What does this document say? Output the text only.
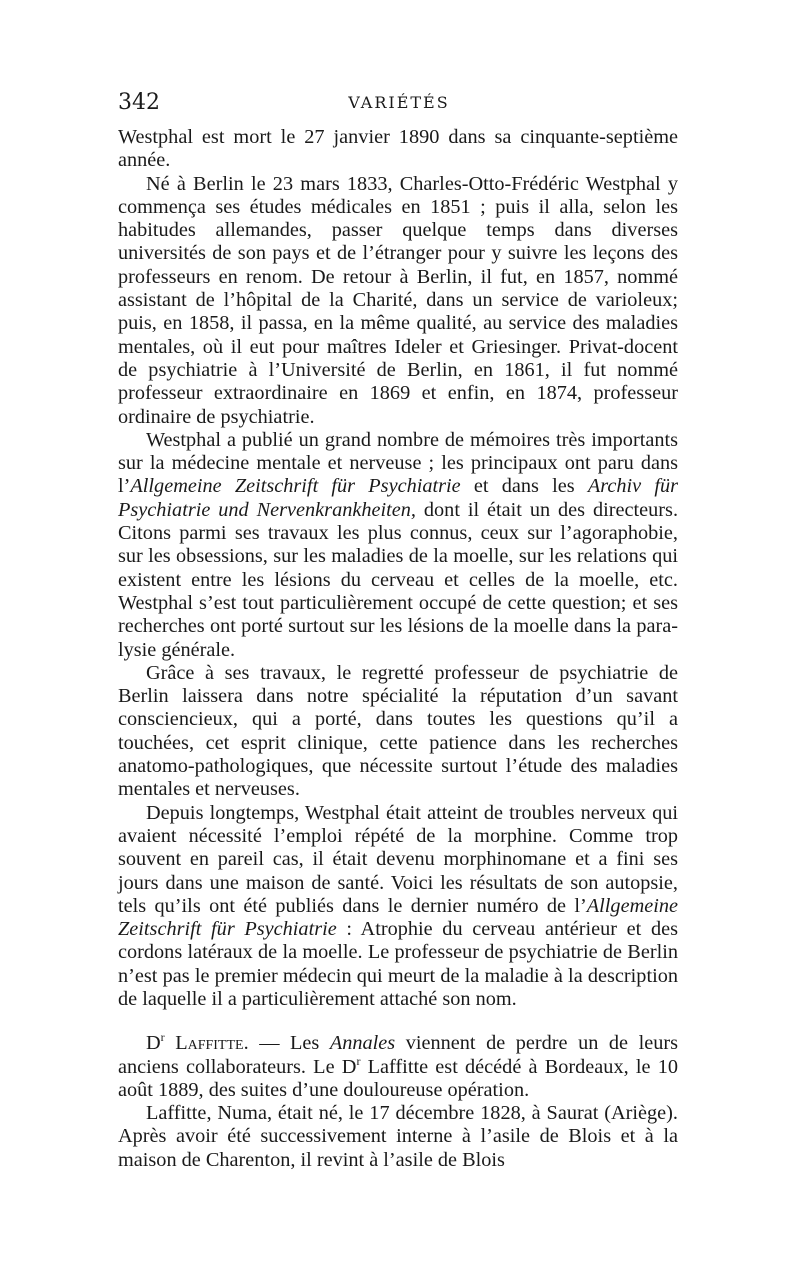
342	VARIÉTÉS

Westphal est mort le 27 janvier 1890 dans sa cinquante-septième année.

Né à Berlin le 23 mars 1833, Charles-Otto-Frédéric Westphal y commença ses études médicales en 1851 ; puis il alla, selon les habitudes allemandes, passer quelque temps dans diverses universités de son pays et de l’étranger pour y suivre les leçons des professeurs en renom. De retour à Berlin, il fut, en 1857, nommé assistant de l’hôpital de la Charité, dans un service de varioleux; puis, en 1858, il passa, en la même qualité, au service des maladies mentales, où il eut pour maîtres Ideler et Griesinger. Privat-docent de psychiatrie à l’Université de Berlin, en 1861, il fut nommé professeur extraordinaire en 1869 et enfin, en 1874, professeur ordinaire de psychiatrie.

Westphal a publié un grand nombre de mémoires très importants sur la médecine mentale et nerveuse ; les principaux ont paru dans l’Allgemeine Zeitschrift für Psychiatrie et dans les Archiv für Psychiatrie und Nervenkrankheiten, dont il était un des directeurs. Citons parmi ses travaux les plus connus, ceux sur l’agoraphobie, sur les obsessions, sur les maladies de la moelle, sur les relations qui existent entre les lésions du cerveau et celles de la moelle, etc. Westphal s’est tout particulièrement occupé de cette question; et ses recherches ont porté surtout sur les lésions de la moelle dans la paralysie générale.

Grâce à ses travaux, le regretté professeur de psychiatrie de Berlin laissera dans notre spécialité la réputation d’un savant consciencieux, qui a porté, dans toutes les questions qu’il a touchées, cet esprit clinique, cette patience dans les recherches anatomo-pathologiques, que nécessite surtout l’étude des maladies mentales et nerveuses.

Depuis longtemps, Westphal était atteint de troubles nerveux qui avaient nécessité l’emploi répété de la morphine. Comme trop souvent en pareil cas, il était devenu morphinomane et a fini ses jours dans une maison de santé. Voici les résultats de son autopsie, tels qu’ils ont été publiés dans le dernier numéro de l’Allgemeine Zeitschrift für Psychiatrie : Atrophie du cerveau antérieur et des cordons latéraux de la moelle. Le professeur de psychiatrie de Berlin n’est pas le premier médecin qui meurt de la maladie à la description de laquelle il a particulièrement attaché son nom.

$D^r$ Laffitte. — Les Annales viennent de perdre un de leurs anciens collaborateurs. Le $D^r$ Laffitte est décédé à Bordeaux, le 10 août 1889, des suites d’une douloureuse opération.

Laffitte, Numa, était né, le 17 décembre 1828, à Saurat (Ariège). Après avoir été successivement interne à l’asile de Blois et à la maison de Charenton, il revint à l’asile de Blois
